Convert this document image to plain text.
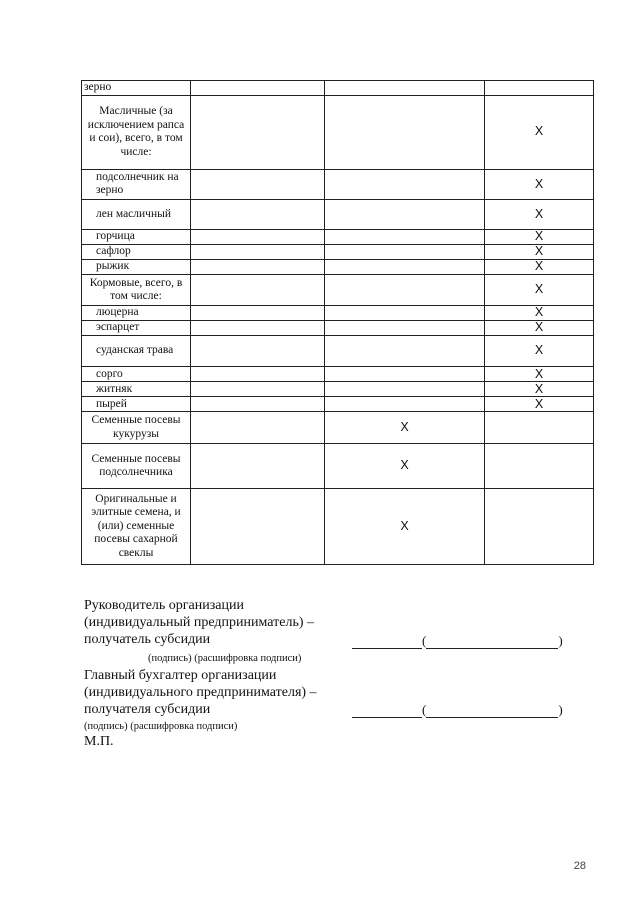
зерно			
Масличные (за исключением рапса и сои), всего, в том числе:			X
подсолнечник на зерно			X
лен масличный			X
горчица			X
сафлор			X
рыжик			X
Кормовые, всего, в том числе:			X
люцерна			X
эспарцет			X
суданская трава			X
сорго			X
житняк			X
пырей			X
Семенные посевы кукурузы		X	
Семенные посевы подсолнечника		X	
Оригинальные и элитные семена, и (или) семенные посевы сахарной свеклы		X	
Руководитель организации
(индивидуальный предприниматель) –
получатель субсидии
(подпись) (расшифровка подписи)
(	)
Главный бухгалтер организации
(индивидуального предпринимателя) –
получателя субсидии
(подпись) (расшифровка подписи)
М.П.
(	)
28
